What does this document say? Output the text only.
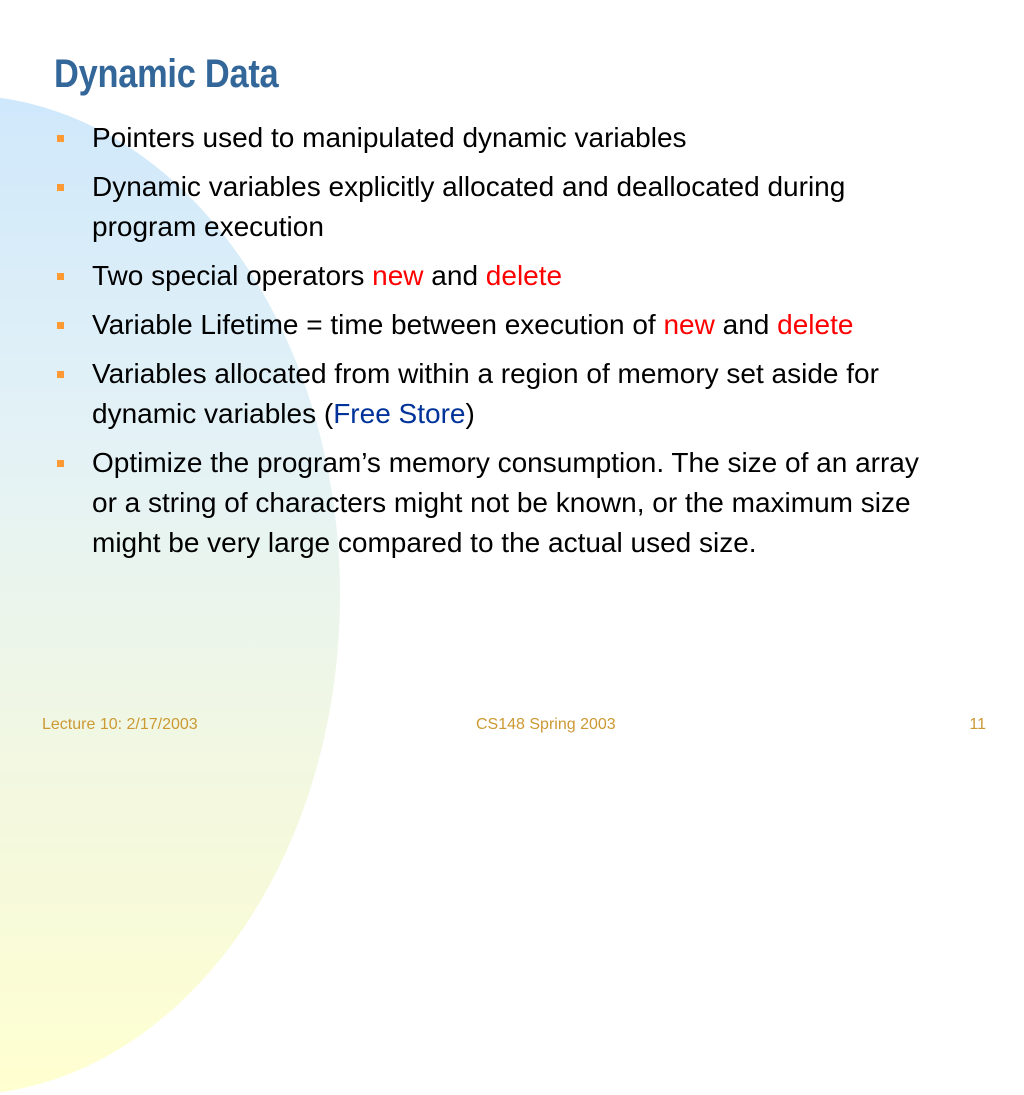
Dynamic Data
Pointers used to manipulated dynamic variables
Dynamic variables explicitly allocated and deallocated during program execution
Two special operators new and delete
Variable Lifetime = time between execution of new and delete
Variables allocated from within a region of memory set aside for dynamic variables (Free Store)
Optimize the program’s memory consumption. The size of an array or a string of characters might not be known, or the maximum size might be very large compared to the actual used size.
Lecture 10: 2/17/2003	CS148 Spring 2003	11
